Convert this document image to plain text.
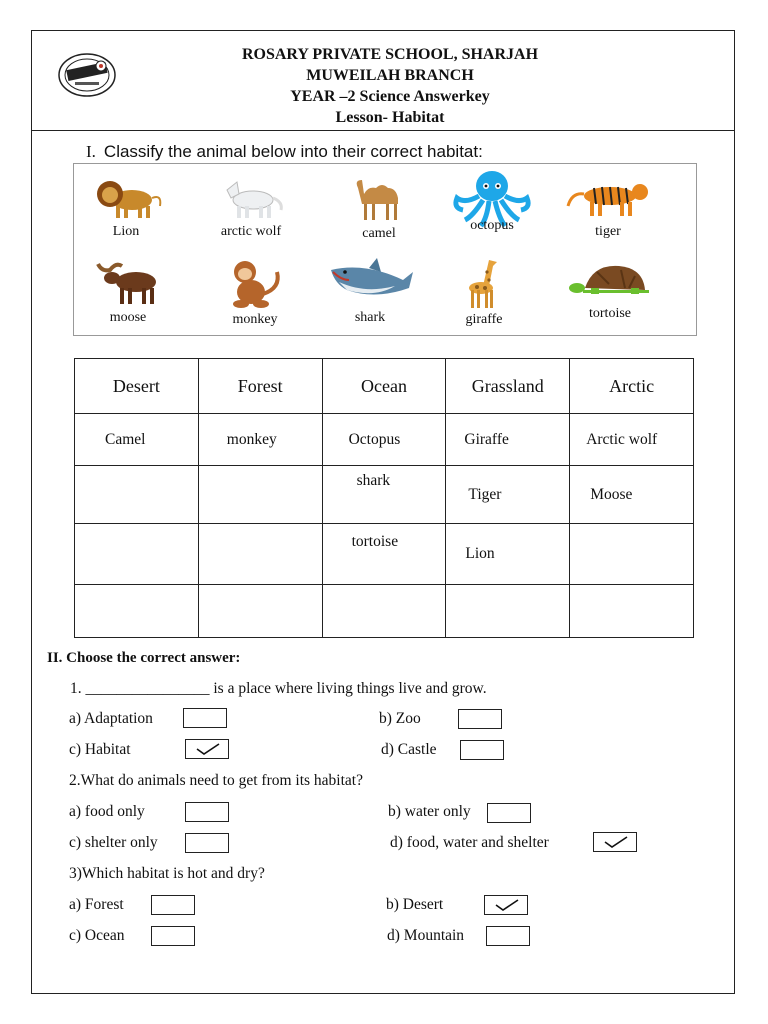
ROSARY PRIVATE SCHOOL, SHARJAH
MUWEILAH BRANCH
YEAR –2 Science Answerkey
Lesson- Habitat
I. Classify the animal below into their correct habitat:
Lion	arctic wolf	camel
octopus	tiger
moose	monkey	shark	giraffe	tortoise
Desert	Forest	Ocean	Grassland	Arctic
Camel	monkey	Octopus	Giraffe	Arctic wolf
		shark	Tiger	Moose
		tortoise	Lion	

II. Choose the correct answer:
1. ________________ is a place where living things live and grow.
a) Adaptation	b) Zoo
c) Habitat	d) Castle
2.What do animals need to get from its habitat?
a) food only	b) water only
c) shelter only	d) food, water and shelter
3)Which habitat is hot and dry?
a) Forest	b) Desert
c) Ocean	d) Mountain
